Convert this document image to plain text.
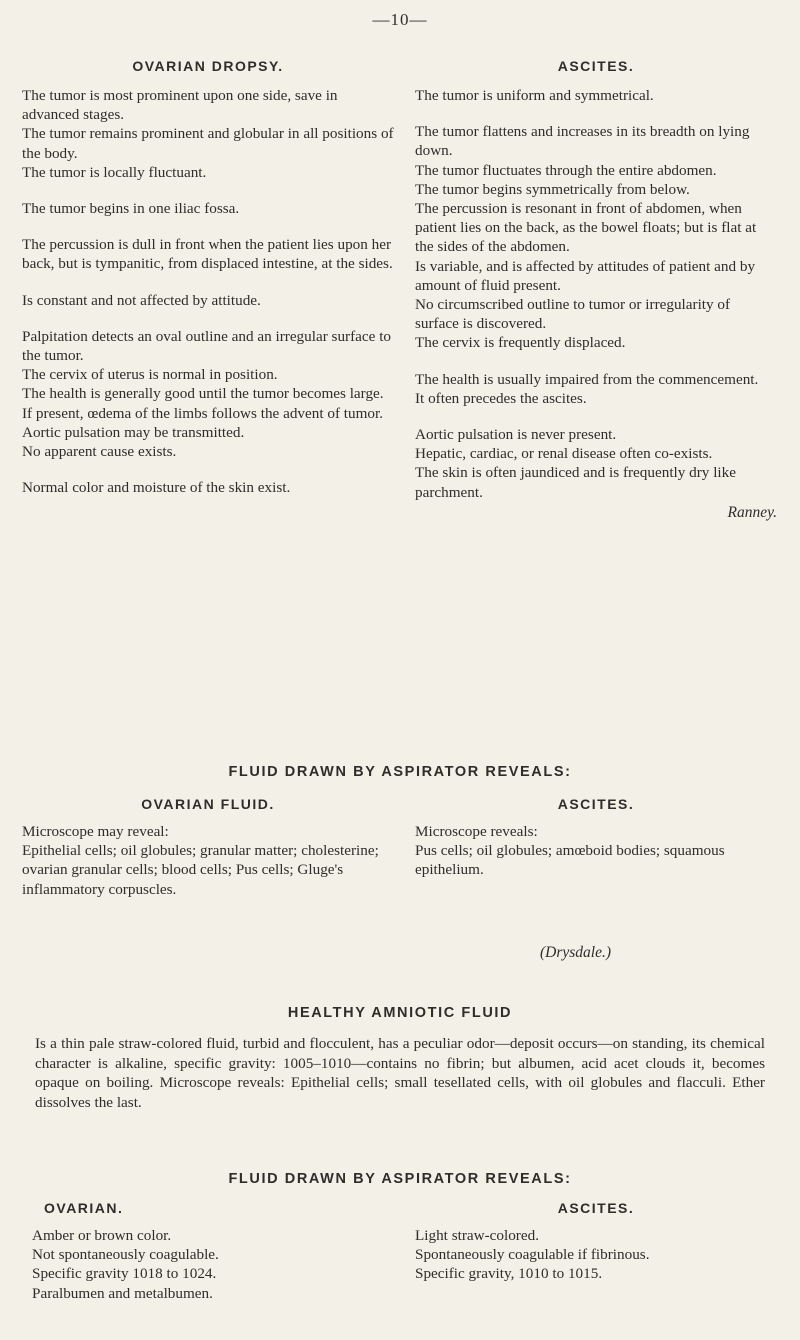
—10—
OVARIAN DROPSY.

The tumor is most prominent upon one side, save in advanced stages.

The tumor remains prominent and globular in all positions of the body.

The tumor is locally fluctuant.

The tumor begins in one iliac fossa.

The percussion is dull in front when the patient lies upon her back, but is tympanitic, from displaced intestine, at the sides.

Is constant and not affected by attitude.

Palpitation detects an oval outline and an irregular surface to the tumor.

The cervix of uterus is normal in position.

The health is generally good until the tumor becomes large.

If present, œdema of the limbs follows the advent of tumor.

Aortic pulsation may be transmitted.

No apparent cause exists.

Normal color and moisture of the skin exist.

ASCITES.

The tumor is uniform and symmetrical.

The tumor flattens and increases in its breadth on lying down.

The tumor fluctuates through the entire abdomen.

The tumor begins symmetrically from below.

The percussion is resonant in front of abdomen, when patient lies on the back, as the bowel floats; but is flat at the sides of the abdomen.

Is variable, and is affected by attitudes of patient and by amount of fluid present.

No circumscribed outline to tumor or irregularity of surface is discovered.

The cervix is frequently displaced.

The health is usually impaired from the commencement.

It often precedes the ascites.

Aortic pulsation is never present.

Hepatic, cardiac, or renal disease often co-exists.

The skin is often jaundiced and is frequently dry like parchment.

Ranney.
FLUID DRAWN BY ASPIRATOR REVEALS:
OVARIAN FLUID.

Microscope may reveal:

Epithelial cells; oil globules; granular matter; cholesterine; ovarian granular cells; blood cells; Pus cells; Gluge's inflammatory corpuscles.

ASCITES.

Microscope reveals:

Pus cells; oil globules; amœboid bodies; squamous epithelium.

(Drysdale.)
HEALTHY AMNIOTIC FLUID
Is a thin pale straw-colored fluid, turbid and flocculent, has a peculiar odor—deposit occurs—on standing, its chemical character is alkaline, specific gravity: 1005–1010—contains no fibrin; but albumen, acid acet clouds it, becomes opaque on boiling. Microscope reveals: Epithelial cells; small tesellated cells, with oil globules and flacculi. Ether dissolves the last.
FLUID DRAWN BY ASPIRATOR REVEALS:
OVARIAN.

Amber or brown color.

Not spontaneously coagulable.

Specific gravity 1018 to 1024.

Paralbumen and metalbumen.

ASCITES.

Light straw-colored.

Spontaneously coagulable if fibrinous.

Specific gravity, 1010 to 1015.
